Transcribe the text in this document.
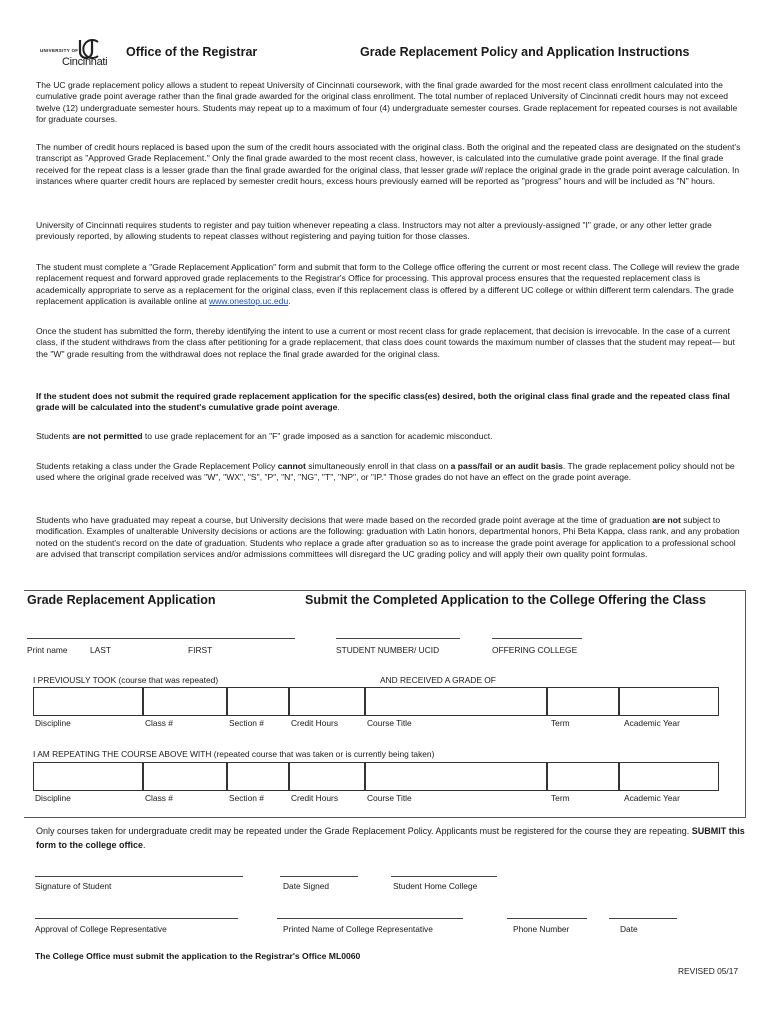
UNIVERSITY OF
Cincinnati
Office of the Registrar	Grade Replacement Policy and Application Instructions

The UC grade replacement policy allows a student to repeat University of Cincinnati coursework, with the final grade awarded for the most recent class enrollment calculated into the cumulative grade point average rather than the final grade awarded for the original class enrollment. The total number of replaced University of Cincinnati credit hours may not exceed twelve (12) undergraduate semester hours. Students may repeat up to a maximum of four (4) undergraduate semester courses. Grade replacement for repeated courses is not available for graduate courses.

The number of credit hours replaced is based upon the sum of the credit hours associated with the original class. Both the original and the repeated class are designated on the student's transcript as "Approved Grade Replacement." Only the final grade awarded to the most recent class, however, is calculated into the cumulative grade point average. If the final grade received for the repeat class is a lesser grade than the final grade awarded for the original class, that lesser grade will replace the original grade in the grade point average calculation. In instances where quarter credit hours are replaced by semester credit hours, excess hours previously earned will be reported as "progress" hours and will be included as "N" hours.

University of Cincinnati requires students to register and pay tuition whenever repeating a class. Instructors may not alter a previously-assigned "I" grade, or any other letter grade previously reported, by allowing students to repeat classes without registering and paying tuition for those classes.

The student must complete a "Grade Replacement Application" form and submit that form to the College office offering the current or most recent class. The College will review the grade replacement request and forward approved grade replacements to the Registrar's Office for processing. This approval process ensures that the requested replacement class is academically appropriate to serve as a replacement for the original class, even if this replacement class is offered by a different UC college or within different term calendars. The grade replacement application is available online at www.onestop.uc.edu.

Once the student has submitted the form, thereby identifying the intent to use a current or most recent class for grade replacement, that decision is irrevocable. In the case of a current class, if the student withdraws from the class after petitioning for a grade replacement, that class does count towards the maximum number of classes that the student may repeat— but the "W" grade resulting from the withdrawal does not replace the final grade awarded for the original class.

If the student does not submit the required grade replacement application for the specific class(es) desired, both the original class final grade and the repeated class final grade will be calculated into the student's cumulative grade point average.

Students are not permitted to use grade replacement for an "F" grade imposed as a sanction for academic misconduct.

Students retaking a class under the Grade Replacement Policy cannot simultaneously enroll in that class on a pass/fail or an audit basis. The grade replacement policy should not be used where the original grade received was "W", "WX", "S", "P", "N", "NG", "T", "NP", or "IP." Those grades do not have an effect on the grade point average.

Students who have graduated may repeat a course, but University decisions that were made based on the recorded grade point average at the time of graduation are not subject to modification. Examples of unalterable University decisions or actions are the following: graduation with Latin honors, departmental honors, Phi Beta Kappa, class rank, and any probation noted on the student's record on the date of graduation. Students who replace a grade after graduation so as to increase the grade point average for application to a professional school are advised that transcript compilation services and/or admissions committees will disregard the UC grading policy and will apply their own quality point formulas.

Grade Replacement Application	Submit the Completed Application to the College Offering the Class
Print name	LAST	FIRST	STUDENT NUMBER/ UCID	OFFERING COLLEGE
I PREVIOUSLY TOOK (course that was repeated)	AND RECEIVED A GRADE OF
Discipline	Class #	Section #	Credit Hours	Course Title	Term	Academic Year
I AM REPEATING THE COURSE ABOVE WITH (repeated course that was taken or is currently being taken)
Discipline	Class #	Section #	Credit Hours	Course Title	Term	Academic Year

Only courses taken for undergraduate credit may be repeated under the Grade Replacement Policy. Applicants must be registered for the course they are repeating. SUBMIT this form to the college office.

Signature of Student	Date Signed	Student Home College
Approval of College Representative	Printed Name of College Representative	Phone Number	Date
The College Office must submit the application to the Registrar's Office ML0060
REVISED 05/17
